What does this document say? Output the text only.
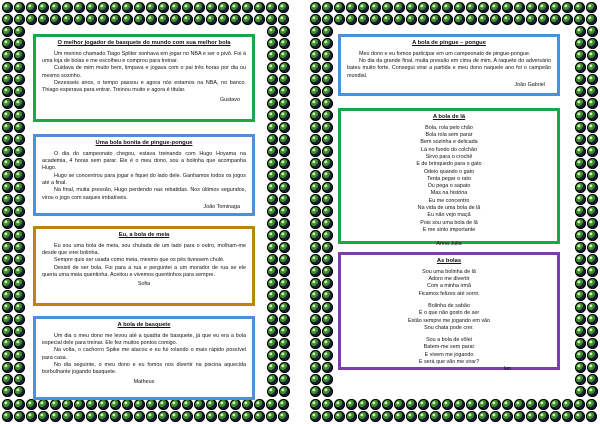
O melhor jogador de basquete do mundo com sua melhor bola

Um menino chamado Tiago Spliter sonhava em jogar no NBA e ser o pivô. Foi à uma loja de bolas e me escolheu e comprou para treinar.

Cuidava de mim muito bem, limpava e jogava com o pai três horas por dia ou mesmo sozinho.

Dezesseis anos, o tempo passou e agora nós estamos na NBA, no banco. Thiago esperava para entrar. Treinou muito e agora é titular.

Gustavo
Uma bola bonita de pingue-pongue

O dia do campeonato chegou, estava treinando com Hugo Hoyama na academia, 4 horas sem parar. Ele é o meu dono, sou a bolinha que acompanha Hugo.

Hugo se concentrou para jogar e fiquei do lado dele. Ganhamos todos os jogos até a final.

Na final, muita pressão, Hugo perdendo nas rebatidas. Nos últimos segundos, virou o jogo com saques imbatíveis.

João Tominaga
Eu, a bola de meia

Eu sou uma bola de meia, sou chutada de um lado para o outro, molham-me desde que virei bolinha.

Sempre quis ser usada como meia, mesmo que os pés tivessem chulé.

Desisti de ser bola. Fui para a rua e perguntei a um morador de rua se ele queria uma meia quentinha. Aceitou e vivemos quentinhos para sempre.

Sofia
A bola de basquete

Um dia o meu dono me levou até a quadra de basquete, já que eu era a bola especial dele para treinar. Ele fez muitos pontos comigo.

Na volta, o cachorro Spike me atacou e eu fui rolando o mais rápido possível para casa.

No dia seguinte, o meu dono e eu fomos nos divertir na piscina aquecida borbulhante jogando basquete.

Matheus
A bola de pingue – pongue

Meu dono e eu fomos participar em um campeonato de pingue-pongue.

No dia da grande final, muita pressão em cima de mim. A raquete do adversário bateu muito forte. Consegui virar a partida e meu dono naquele ano foi o campeão mundial.

João Gabriel
A bola de lã
Bola, rola pelo chão
Bola rola sem parar
Bem sozinha e delicada
Lá no fundo do colchão
Sirvo para o crochê
E de brinquedo para o gato
Odeio quando o gato
Tenta pegar o rato
Ou pega o sapato
Mas na história
Eu me concentro
Na vida de uma bola de lã
Eu não vejo maçã
Pois sou uma bola de lã
E me sinto importante
Anna Julia
As bolas
Sou uma bolinha de lã
Adoro me divertir
Com a minha irmã
Ficamos felizes até sorrir.
Bolinha de sabão
É o que não gosto de ser
Estão sempre me jogando em vão
Sou chata pode crer.
Sou a bola de vôlei
Batem-me sem parar
E vivem me jogando
E será que vão me virar?
Ian
